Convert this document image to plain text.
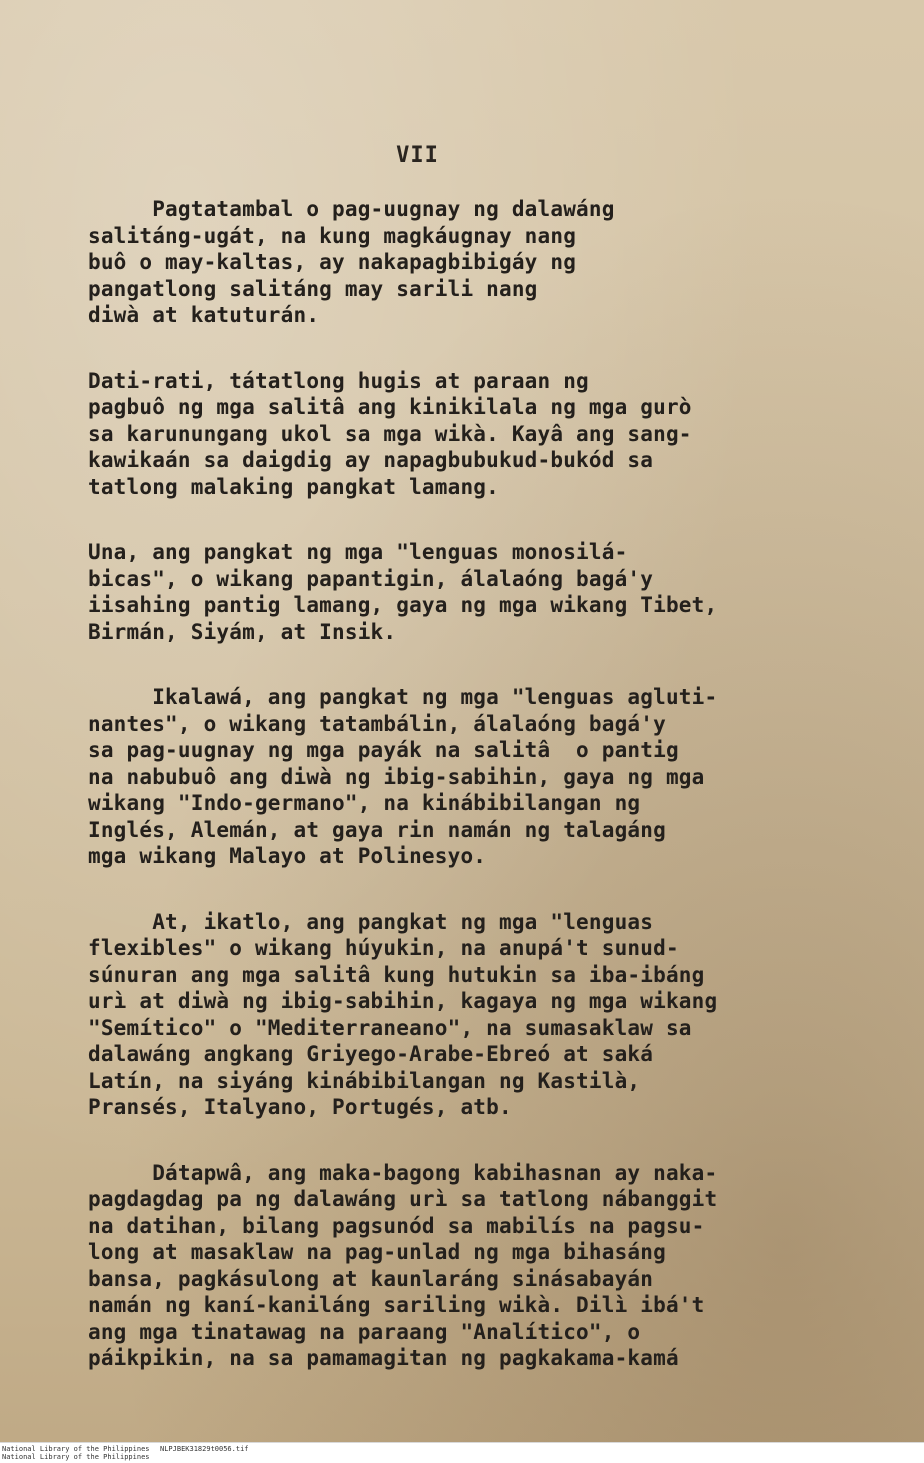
VII
Pagtatambal o pag-uugnay ng dalawáng
salitáng-ugát, na kung magkáugnay nang
buô o may-kaltas, ay nakapagbibigáy ng
pangatlong salitáng may sarili nang
diwà at katuturán.
Dati-rati, tátatlong hugis at paraan ng
pagbuô ng mga salitâ ang kinikilala ng mga gurò
sa karunungang ukol sa mga wikà. Kayâ ang sang-
kawikaán sa daigdig ay napagbubukud-bukód sa
tatlong malaking pangkat lamang.
Una, ang pangkat ng mga "lenguas monosilá-
bicas", o wikang papantigin, álalaóng bagá'y
iisahing pantig lamang, gaya ng mga wikang Tibet,
Birmán, Siyám, at Insik.
Ikalawá, ang pangkat ng mga "lenguas agluti-
nantes", o wikang tatambálin, álalaóng bagá'y
sa pag-uugnay ng mga payák na salitâ  o pantig
na nabubuô ang diwà ng ibig-sabihin, gaya ng mga
wikang "Indo-germano", na kinábibilangan ng
Inglés, Alemán, at gaya rin namán ng talagáng
mga wikang Malayo at Polinesyo.
At, ikatlo, ang pangkat ng mga "lenguas
flexibles" o wikang húyukin, na anupá't sunud-
súnuran ang mga salitâ kung hutukin sa iba-ibáng
urì at diwà ng ibig-sabihin, kagaya ng mga wikang
"Semítico" o "Mediterraneano", na sumasaklaw sa
dalawáng angkang Griyego-Arabe-Ebreó at saká
Latín, na siyáng kinábibilangan ng Kastilà,
Pransés, Italyano, Portugés, atb.
Dátapwâ, ang maka-bagong kabihasnan ay naka-
pagdagdag pa ng dalawáng urì sa tatlong nábanggit
na datihan, bilang pagsunód sa mabilís na pagsu-
long at masaklaw na pag-unlad ng mga bihasáng
bansa, pagkásulong at kaunlaráng sinásabayán
namán ng kaní-kaniláng sariling wikà. Dilì ibá't
ang mga tinatawag na paraang "Analítico", o
páikpikin, na sa pamamagitan ng pagkakama-kamá
National Library of the Philippines
National Library of the Philippines
NLPJBEK31829t0056.tif
